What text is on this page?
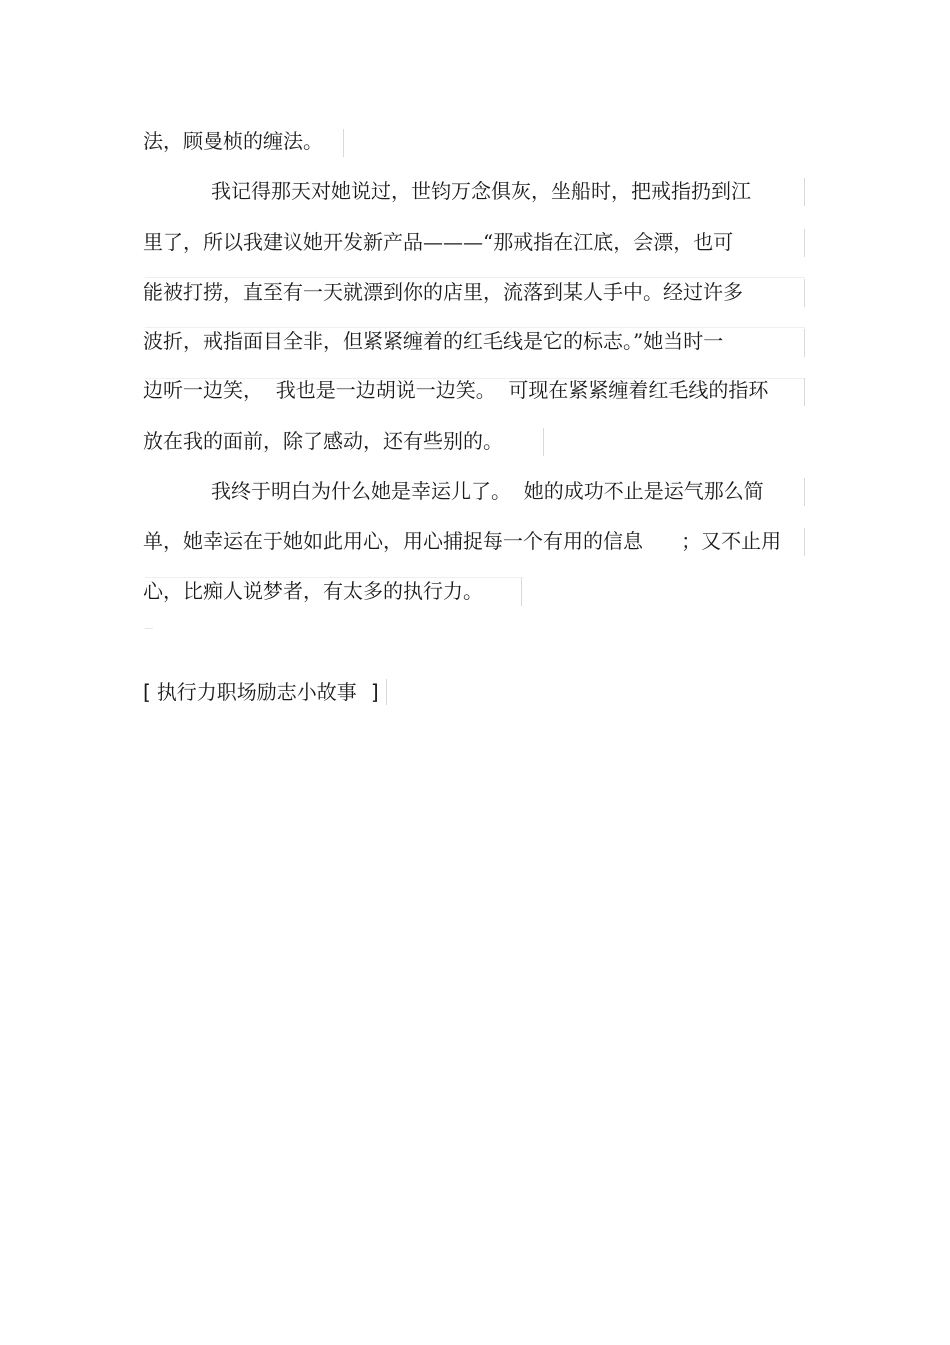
法，顾曼桢的缠法。
我记得那天对她说过，世钧万念俱灰，坐船时，把戒指扔到江
里了，所以我建议她开发新产品———“那戒指在江底，会漂，也可
能被打捞，直至有一天就漂到你的店里，流落到某人手中。经过许多
波折，戒指面目全非，但紧紧缠着的红毛线是它的标志。”她当时一
边听一边笑，  我也是一边胡说一边笑。  可现在紧紧缠着红毛线的指环
放在我的面前，除了感动，还有些别的。
我终于明白为什么她是幸运儿了。  她的成功不止是运气那么简
单，她幸运在于她如此用心，用心捕捉每一个有用的信息      ；又不止用
心，比痴人说梦者，有太多的执行力。
[ 执行力职场励志小故事 ]
